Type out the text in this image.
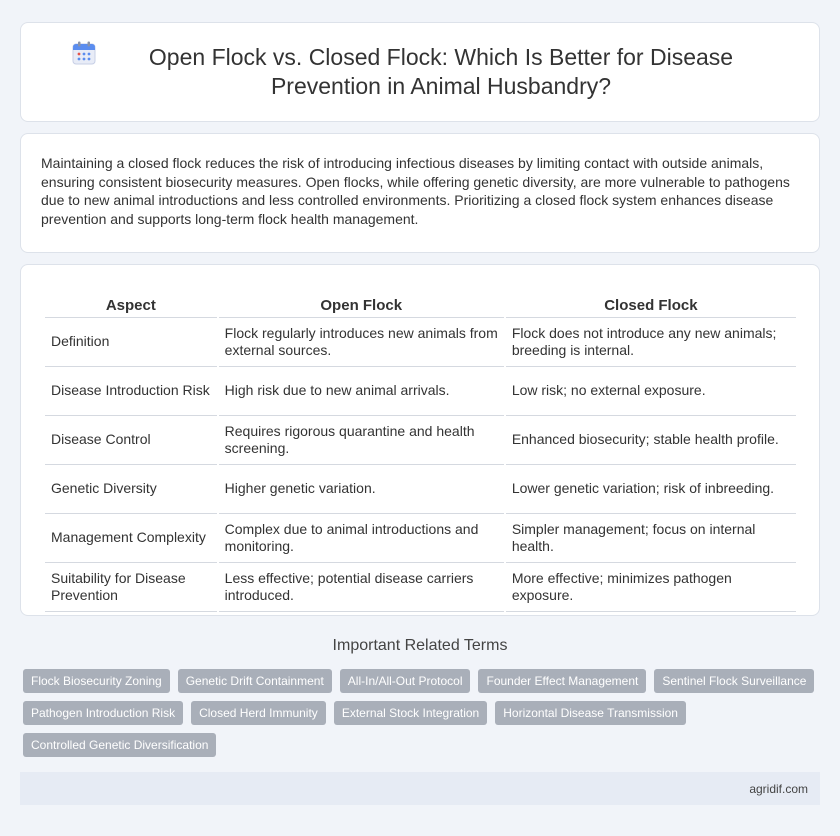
Open Flock vs. Closed Flock: Which Is Better for Disease Prevention in Animal Husbandry?

Maintaining a closed flock reduces the risk of introducing infectious diseases by limiting contact with outside animals, ensuring consistent biosecurity measures. Open flocks, while offering genetic diversity, are more vulnerable to pathogens due to new animal introductions and less controlled environments. Prioritizing a closed flock system enhances disease prevention and supports long-term flock health management.

Aspect	Open Flock	Closed Flock
Definition	Flock regularly introduces new animals from external sources.	Flock does not introduce any new animals; breeding is internal.
Disease Introduction Risk	High risk due to new animal arrivals.	Low risk; no external exposure.
Disease Control	Requires rigorous quarantine and health screening.	Enhanced biosecurity; stable health profile.
Genetic Diversity	Higher genetic variation.	Lower genetic variation; risk of inbreeding.
Management Complexity	Complex due to animal introductions and monitoring.	Simpler management; focus on internal health.
Suitability for Disease Prevention	Less effective; potential disease carriers introduced.	More effective; minimizes pathogen exposure.
Important Related Terms
Flock Biosecurity Zoning	Genetic Drift Containment	All-In/All-Out Protocol	Founder Effect Management	Sentinel Flock Surveillance
Pathogen Introduction Risk	Closed Herd Immunity	External Stock Integration	Horizontal Disease Transmission
Controlled Genetic Diversification
agridif.com
